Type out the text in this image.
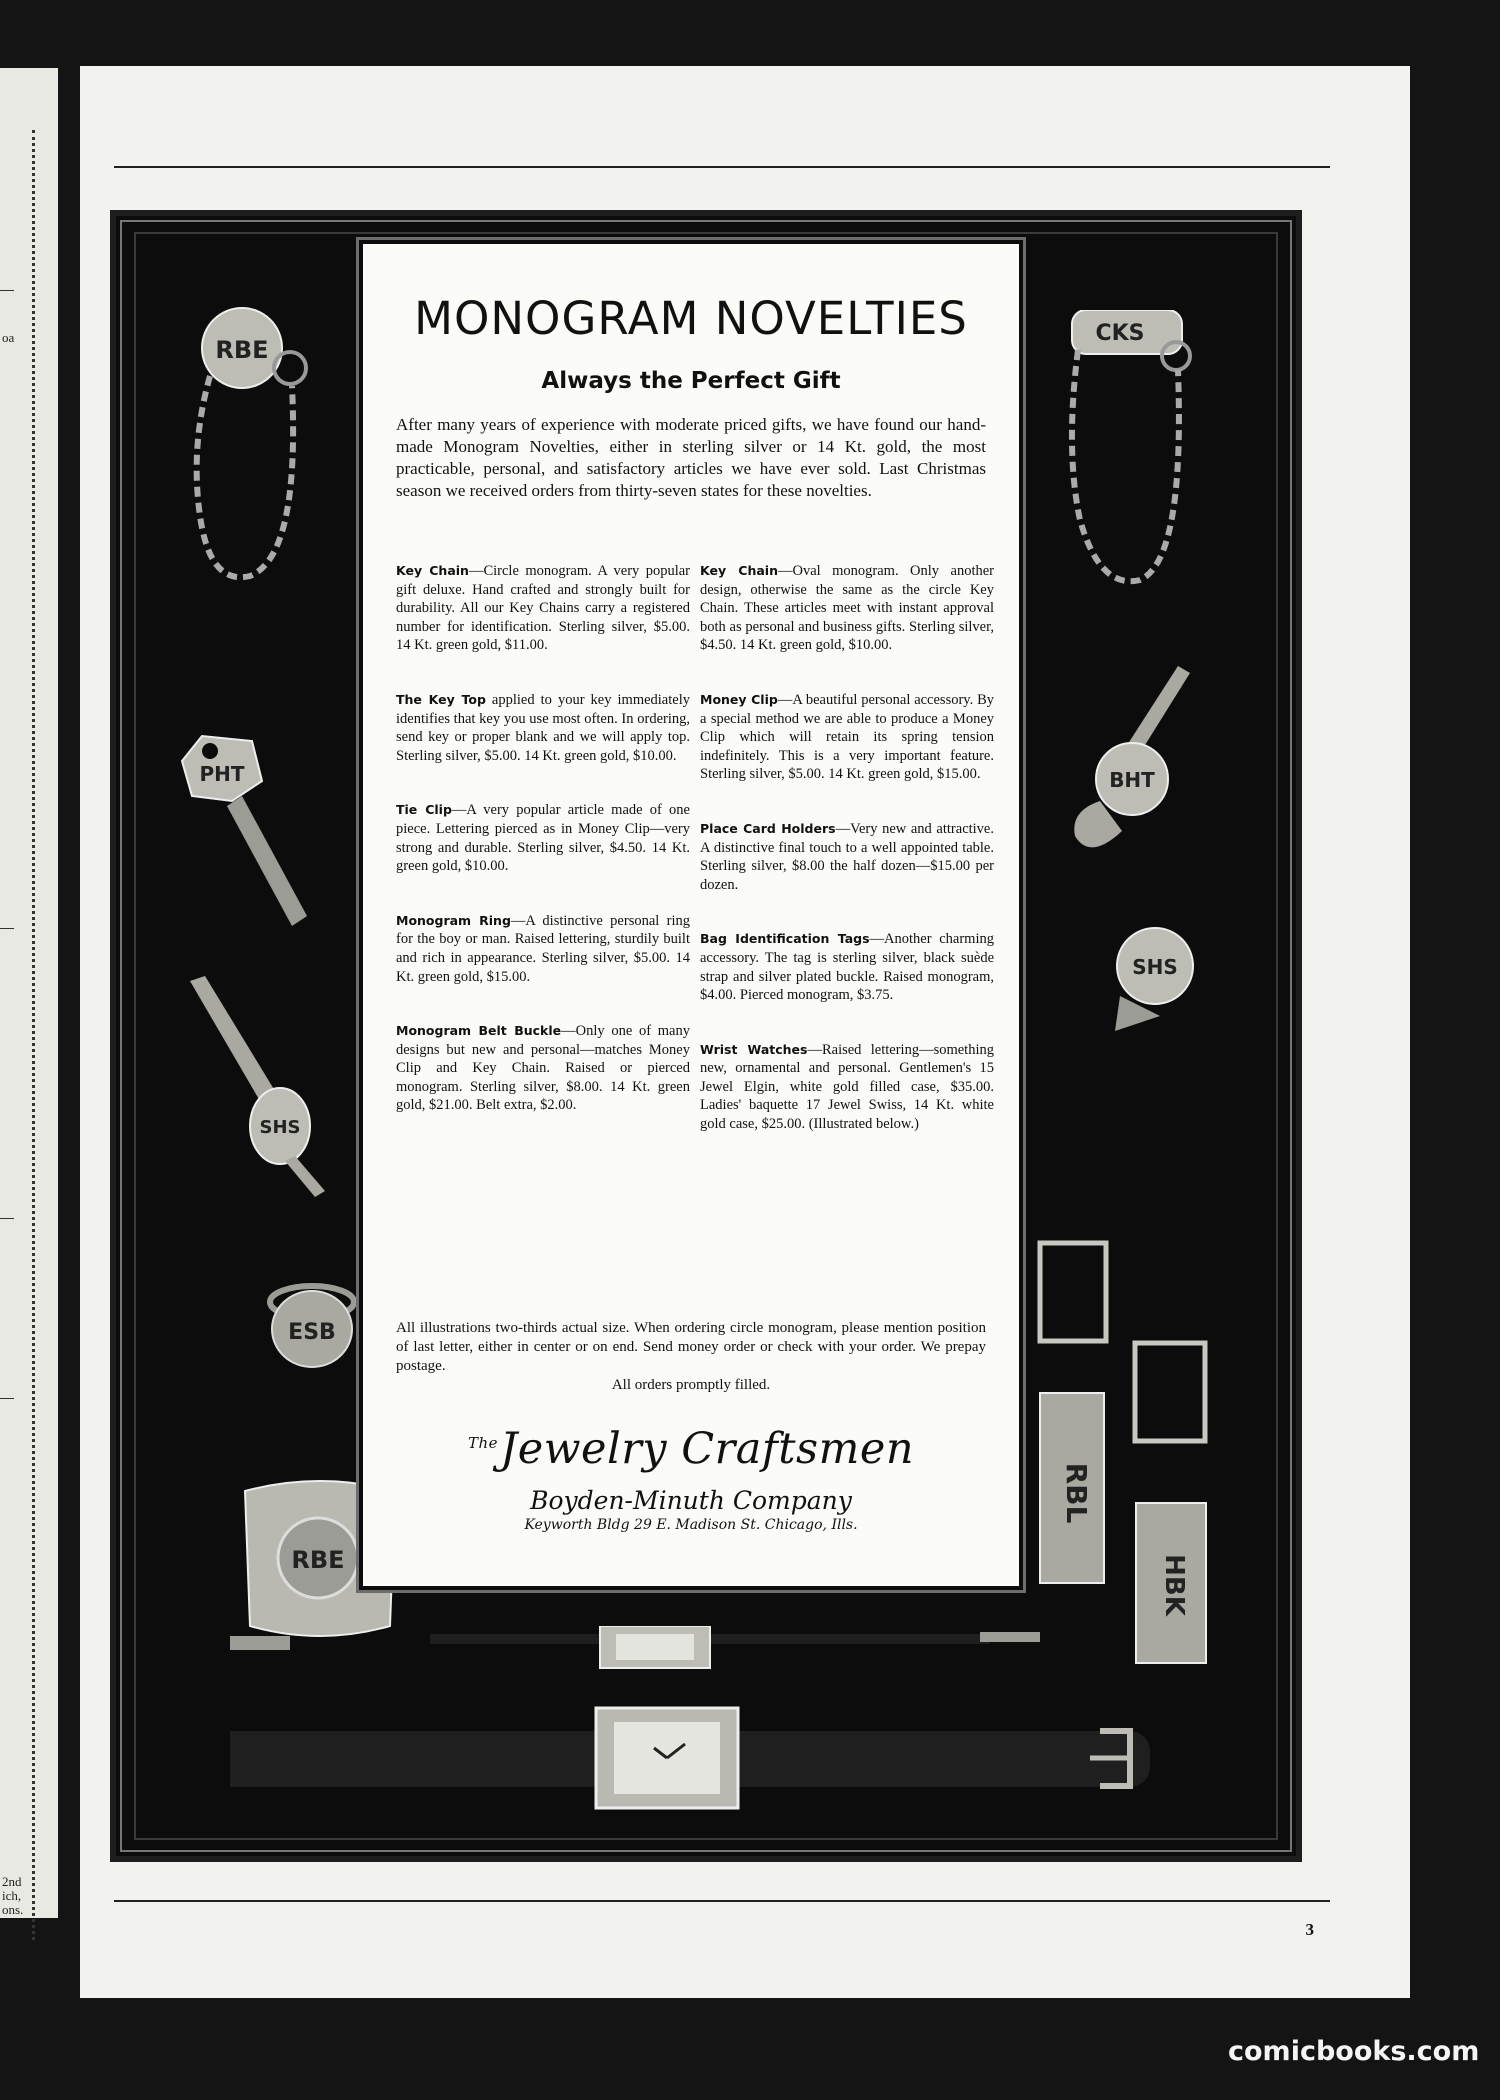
oa
2nd
ich,
ons.
RBE
PHT
SHS
ESB
RBE
CKS
BHT
SHS
RBL
HBK
MONOGRAM NOVELTIES
Always the Perfect Gift

After many years of experience with moderate priced gifts, we have found our hand-made Monogram Novelties, either in sterling silver or 14 Kt. gold, the most practicable, personal, and satisfactory articles we have ever sold. Last Christmas season we received orders from thirty-seven states for these novelties.

Key Chain—Circle monogram. A very popular gift deluxe. Hand crafted and strongly built for durability. All our Key Chains carry a registered number for identification. Sterling silver, $5.00. 14 Kt. green gold, $11.00.

The Key Top applied to your key immediately identifies that key you use most often. In ordering, send key or proper blank and we will apply top. Sterling silver, $5.00. 14 Kt. green gold, $10.00.

Tie Clip—A very popular article made of one piece. Lettering pierced as in Money Clip—very strong and durable. Sterling silver, $4.50. 14 Kt. green gold, $10.00.

Monogram Ring—A distinctive personal ring for the boy or man. Raised lettering, sturdily built and rich in appearance. Sterling silver, $5.00. 14 Kt. green gold, $15.00.

Monogram Belt Buckle—Only one of many designs but new and personal—matches Money Clip and Key Chain. Raised or pierced monogram. Sterling silver, $8.00. 14 Kt. green gold, $21.00. Belt extra, $2.00.

Key Chain—Oval monogram. Only another design, otherwise the same as the circle Key Chain. These articles meet with instant approval both as personal and business gifts. Sterling silver, $4.50. 14 Kt. green gold, $10.00.

Money Clip—A beautiful personal accessory. By a special method we are able to produce a Money Clip which will retain its spring tension indefinitely. This is a very important feature. Sterling silver, $5.00. 14 Kt. green gold, $15.00.

Place Card Holders—Very new and attractive. A distinctive final touch to a well appointed table. Sterling silver, $8.00 the half dozen—$15.00 per dozen.

Bag Identification Tags—Another charming accessory. The tag is sterling silver, black suède strap and silver plated buckle. Raised monogram, $4.00. Pierced monogram, $3.75.

Wrist Watches—Raised lettering—something new, ornamental and personal. Gentlemen's 15 Jewel Elgin, white gold filled case, $35.00. Ladies' baquette 17 Jewel Swiss, 14 Kt. white gold case, $25.00. (Illustrated below.)

All illustrations two-thirds actual size. When ordering circle monogram, please mention position of last letter, either in center or on end. Send money order or check with your order. We prepay postage.
All orders promptly filled.

$^{The}$Jewelry Craftsmen
Boyden-Minuth Company
Keyworth Bldg 29 E. Madison St. Chicago, Ills.
3
comicbooks.com
